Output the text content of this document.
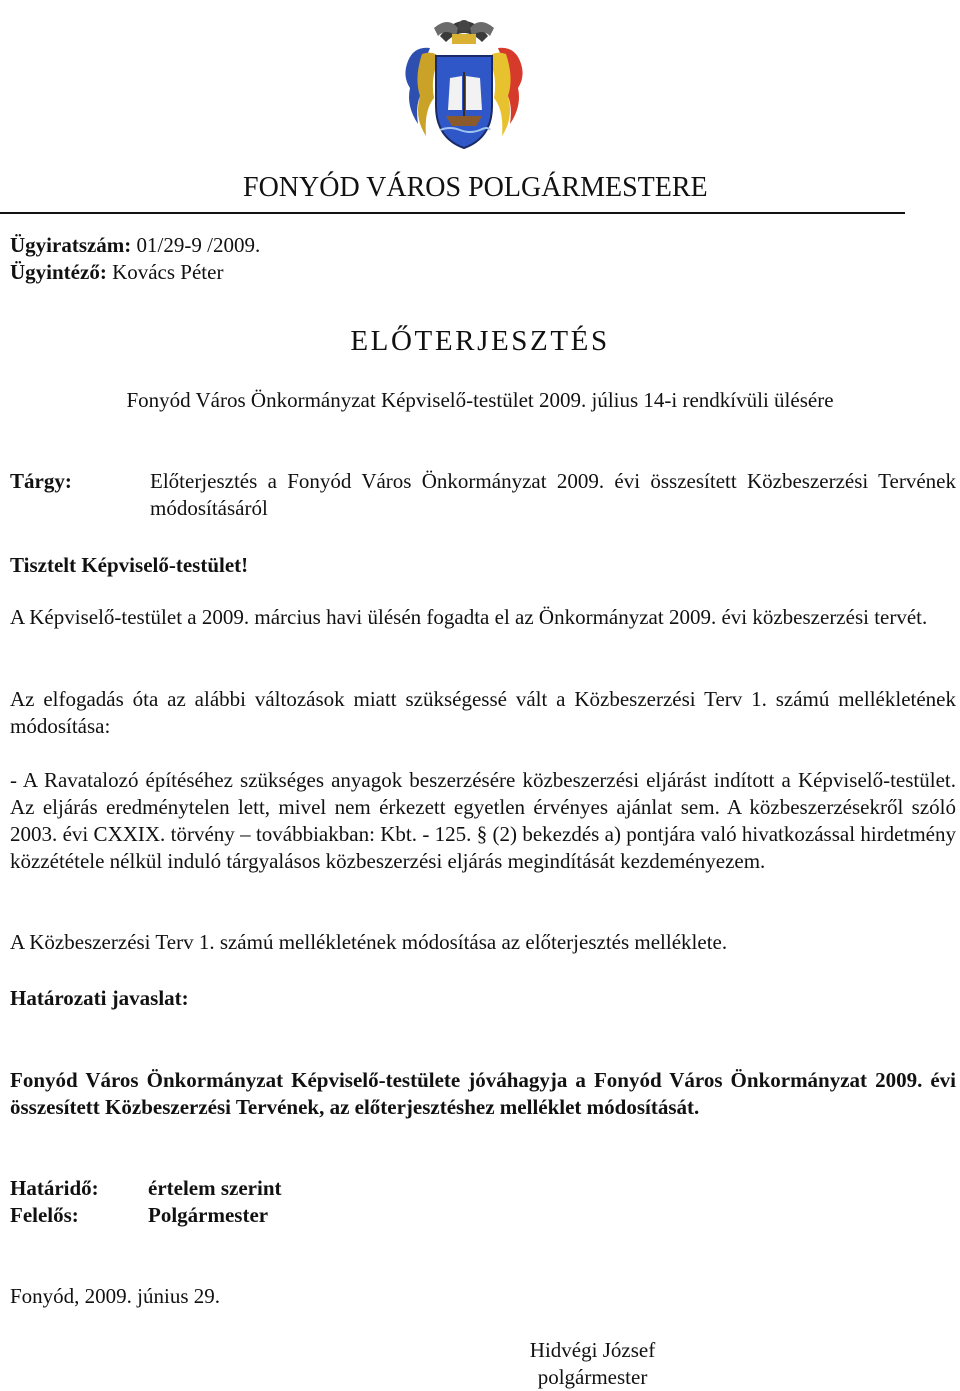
FONYÓD VÁROS POLGÁRMESTERE
Ügyiratszám: 01/29-9 /2009.
Ügyintéző: Kovács Péter
ELŐTERJESZTÉS
Fonyód Város Önkormányzat Képviselő-testület 2009. július 14-i rendkívüli ülésére
Tárgy:	Előterjesztés a Fonyód Város Önkormányzat 2009. évi összesített Közbeszerzési Tervének módosításáról

Tisztelt Képviselő-testület!

A Képviselő-testület a 2009. március havi ülésén fogadta el az Önkormányzat 2009. évi közbeszerzési tervét.

Az elfogadás óta az alábbi változások miatt szükségessé vált a Közbeszerzési Terv 1. számú mellékletének módosítása:

- A Ravatalozó építéséhez szükséges anyagok beszerzésére közbeszerzési eljárást indított a Képviselő-testület. Az eljárás eredménytelen lett, mivel nem érkezett egyetlen érvényes ajánlat sem. A közbeszerzésekről szóló 2003. évi CXXIX. törvény – továbbiakban: Kbt. - 125. § (2) bekezdés a) pontjára való hivatkozással hirdetmény közzététele nélkül induló tárgyalásos közbeszerzési eljárás megindítását kezdeményezem.

A Közbeszerzési Terv 1. számú mellékletének módosítása az előterjesztés melléklete.

Határozati javaslat:

Fonyód Város Önkormányzat Képviselő-testülete jóváhagyja a Fonyód Város Önkormányzat 2009. évi összesített Közbeszerzési Tervének, az előterjesztéshez melléklet módosítását.

Határidő: értelem szerint
Felelős:	Polgármester
Fonyód, 2009. június 29.
Hidvégi József
polgármester
